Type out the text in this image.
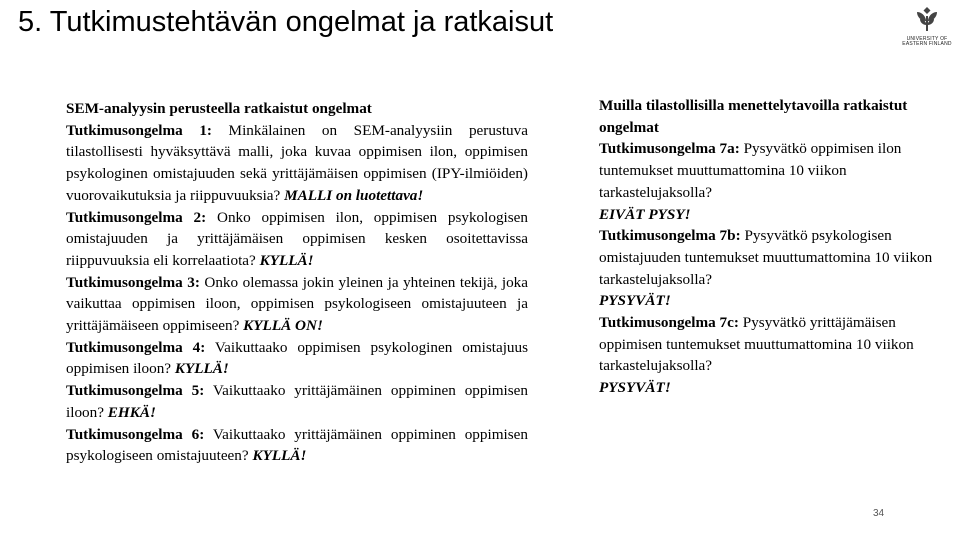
5. Tutkimustehtävän ongelmat ja ratkaisut
UNIVERSITY OF
EASTERN FINLAND

SEM-analyysin perusteella ratkaistut ongelmat

Tutkimusongelma 1: Minkälainen on SEM-analyysiin perustuva tilastollisesti hyväksyttävä malli, joka kuvaa oppimisen ilon, oppimisen psykologinen omistajuuden sekä yrittäjämäisen oppimisen (IPY-ilmiöiden) vuorovaikutuksia ja riippuvuuksia? MALLI on luotettava!

Tutkimusongelma 2: Onko oppimisen ilon, oppimisen psykologisen omistajuuden ja yrittäjämäisen oppimisen kesken osoitettavissa riippuvuuksia eli korrelaatiota? KYLLÄ!

Tutkimusongelma 3: Onko olemassa jokin yleinen ja yhteinen tekijä, joka vaikuttaa oppimisen iloon, oppimisen psykologiseen omistajuuteen ja yrittäjämäiseen oppimiseen? KYLLÄ ON!

Tutkimusongelma 4: Vaikuttaako oppimisen psykologinen omistajuus oppimisen iloon? KYLLÄ!

Tutkimusongelma 5: Vaikuttaako yrittäjämäinen oppiminen oppimisen iloon? EHKÄ!

Tutkimusongelma 6: Vaikuttaako yrittäjämäinen oppiminen oppimisen psykologiseen omistajuuteen? KYLLÄ!

Muilla tilastollisilla menettelytavoilla ratkaistut ongelmat

Tutkimusongelma 7a: Pysyvätkö oppimisen ilon tuntemukset muuttumattomina 10 viikon tarkastelujaksolla?

EIVÄT PYSY!

Tutkimusongelma 7b: Pysyvätkö psykologisen omistajuuden tuntemukset muuttumattomina 10 viikon tarkastelujaksolla?

PYSYVÄT!

Tutkimusongelma 7c: Pysyvätkö yrittäjämäisen oppimisen tuntemukset muuttumattomina 10 viikon tarkastelujaksolla?

PYSYVÄT!

34
